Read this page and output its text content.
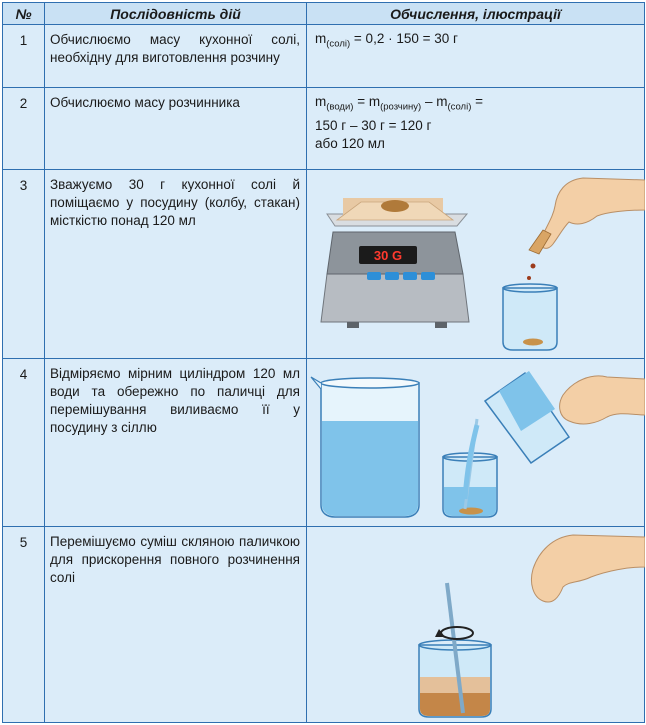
№	Послідовність дій	Обчислення, ілюстрації
1	Обчислюємо масу кухонної солі, необхідну для виготовлення розчину	$m_{(солі)} = 0,2 \cdot 150 = 30$ г
2	Обчислюємо масу розчинника	$m_{(води)} = m_{(розчину)} - m_{(солі)}$ =
150 г – 30 г = 120 г
або 120 мл

3	Зважуємо 30 г кухонної солі й поміщаємо у посудину (колбу, стакан) місткістю понад 120 мл	30 G

4	Відміряємо мірним циліндром 120 мл води та обережно по паличці для перемішування виливаємо її у посудину з сіллю	

5	Перемішуємо суміш скляною паличкою для прискорення повного розчинення солі	
